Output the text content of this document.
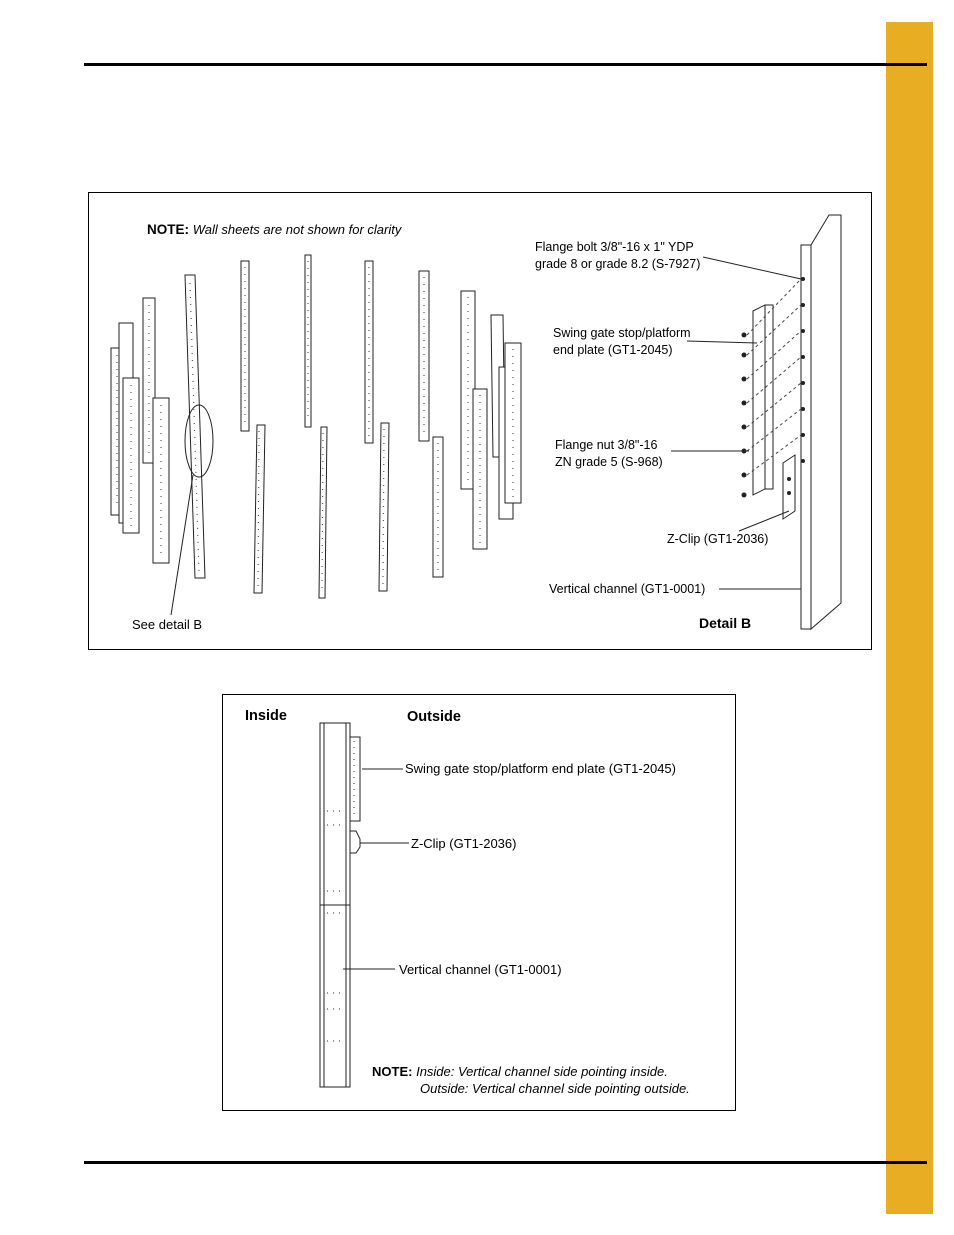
NOTE: Wall sheets are not shown for clarity
Flange bolt 3/8"-16 x 1" YDP
grade 8 or grade 8.2 (S-7927)
Swing gate stop/platform
end plate (GT1-2045)
Flange nut 3/8"-16
ZN grade 5 (S-968)
Z-Clip (GT1-2036)
Vertical channel (GT1-0001)
See detail B	Detail B
Inside	Outside
Swing gate stop/platform end plate (GT1-2045)
Z-Clip (GT1-2036)
Vertical channel (GT1-0001)
NOTE: Inside: Vertical channel side pointing inside.
Outside: Vertical channel side pointing outside.
